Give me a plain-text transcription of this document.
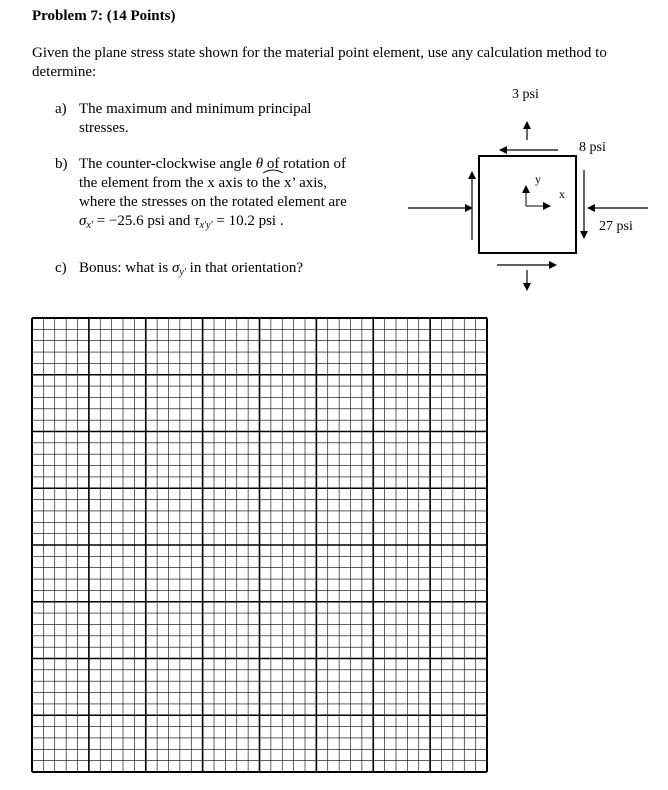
Problem 7: (14 Points)
Given the plane stress state shown for the material point element, use any calculation method to determine:
a) The maximum and minimum principal
stresses.
b) The counter-clockwise angle θ of rotation of
the element from the x axis to
the x’ axis,
where the stresses on the rotated element are
$\sigma_{x'} = -25.6$ psi and $\tau_{x'y'} = 10.2$ psi .
c) Bonus: what is $\sigma_{y'}$ in that orientation?
3 psi
8 psi
27 psi
y
x
